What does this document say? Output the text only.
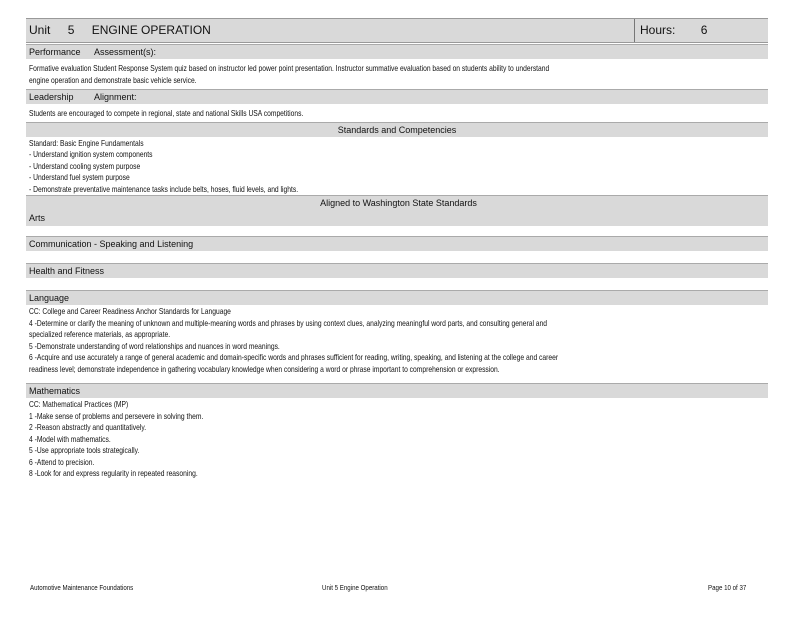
Unit 5 ENGINE OPERATION	Hours: 6
Performance Assessment(s):
Formative evaluation Student Response System quiz based on instructor led power point presentation. Instructor summative evaluation based on students ability to understand
engine operation and demonstrate basic vehicle service.
Leadership Alignment:
Students are encouraged to compete in regional, state and national Skills USA competitions.
Standards and Competencies
Standard: Basic Engine Fundamentals
- Understand ignition system components
- Understand cooling system purpose
- Understand fuel system purpose
- Demonstrate preventative maintenance tasks include belts, hoses, fluid levels, and lights.
Aligned to Washington State Standards
Arts
Communication - Speaking and Listening
Health and Fitness
Language
CC: College and Career Readiness Anchor Standards for Language
4 -Determine or clarify the meaning of unknown and multiple-meaning words and phrases by using context clues, analyzing meaningful word parts, and consulting general and
specialized reference materials, as appropriate.
5 -Demonstrate understanding of word relationships and nuances in word meanings.
6 -Acquire and use accurately a range of general academic and domain-specific words and phrases sufficient for reading, writing, speaking, and listening at the college and career
readiness level; demonstrate independence in gathering vocabulary knowledge when considering a word or phrase important to comprehension or expression.
Mathematics
CC: Mathematical Practices (MP)
1 -Make sense of problems and persevere in solving them.
2 -Reason abstractly and quantitatively.
4 -Model with mathematics.
5 -Use appropriate tools strategically.
6 -Attend to precision.
8 -Look for and express regularity in repeated reasoning.
Automotive Maintenance Foundations	Unit 5 Engine Operation	Page 10 of 37
